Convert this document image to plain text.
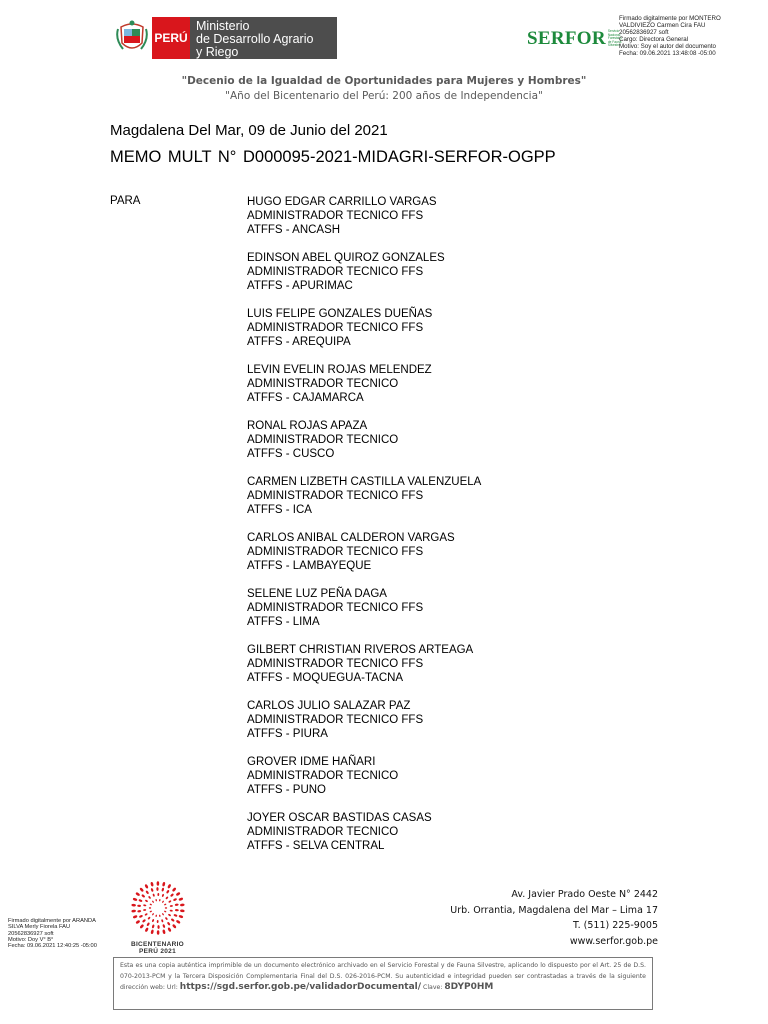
PERÚ
Ministerio
de Desarrollo Agrario
y Riego
SERFOR Servicio Nacional Forestal y de Fauna Silvestre
Firmado digitalmente por MONTERO
VALDIVIEZO Carmen Cira FAU
20562836927 soft
Cargo: Directora General
Motivo: Soy el autor del documento
Fecha: 09.06.2021 13:48:08 -05:00
"Decenio de la Igualdad de Oportunidades para Mujeres y Hombres"
"Año del Bicentenario del Perú: 200 años de Independencia"
Magdalena Del Mar, 09 de Junio del 2021
MEMO MULT N° D000095-2021-MIDAGRI-SERFOR-OGPP
PARA	HUGO EDGAR CARRILLO VARGAS
ADMINISTRADOR TECNICO FFS
ATFFS - ANCASH
EDINSON ABEL QUIROZ GONZALES
ADMINISTRADOR TECNICO FFS
ATFFS - APURIMAC
LUIS FELIPE GONZALES DUEÑAS
ADMINISTRADOR TECNICO FFS
ATFFS - AREQUIPA
LEVIN EVELIN ROJAS MELENDEZ
ADMINISTRADOR TECNICO
ATFFS - CAJAMARCA
RONAL ROJAS APAZA
ADMINISTRADOR TECNICO
ATFFS - CUSCO
CARMEN LIZBETH CASTILLA VALENZUELA
ADMINISTRADOR TECNICO FFS
ATFFS - ICA
CARLOS ANIBAL CALDERON VARGAS
ADMINISTRADOR TECNICO FFS
ATFFS - LAMBAYEQUE
SELENE LUZ PEÑA DAGA
ADMINISTRADOR TECNICO FFS
ATFFS - LIMA
GILBERT CHRISTIAN RIVEROS ARTEAGA
ADMINISTRADOR TECNICO FFS
ATFFS - MOQUEGUA-TACNA
CARLOS JULIO SALAZAR PAZ
ADMINISTRADOR TECNICO FFS
ATFFS - PIURA
GROVER IDME HAÑARI
ADMINISTRADOR TECNICO
ATFFS - PUNO
JOYER OSCAR BASTIDAS CASAS
ADMINISTRADOR TECNICO
ATFFS - SELVA CENTRAL
BICENTENARIO
PERÚ 2021
Firmado digitalmente por ARANDA
SILVA Merly Fiorela FAU
20562836927 soft
Motivo: Doy V° B°
Fecha: 09.06.2021 12:40:25 -05:00
Av. Javier Prado Oeste N° 2442
Urb. Orrantia, Magdalena del Mar – Lima 17
T. (511) 225-9005
www.serfor.gob.pe
Esta es una copia auténtica imprimible de un documento electrónico archivado en el Servicio Forestal y de Fauna Silvestre, aplicando lo dispuesto por el Art. 25 de D.S. 070-2013-PCM y la Tercera Disposición Complementaria Final del D.S. 026-2016-PCM. Su autenticidad e integridad pueden ser contrastadas a través de la siguiente dirección web: Url: https://sgd.serfor.gob.pe/validadorDocumental/ Clave: 8DYP0HM
